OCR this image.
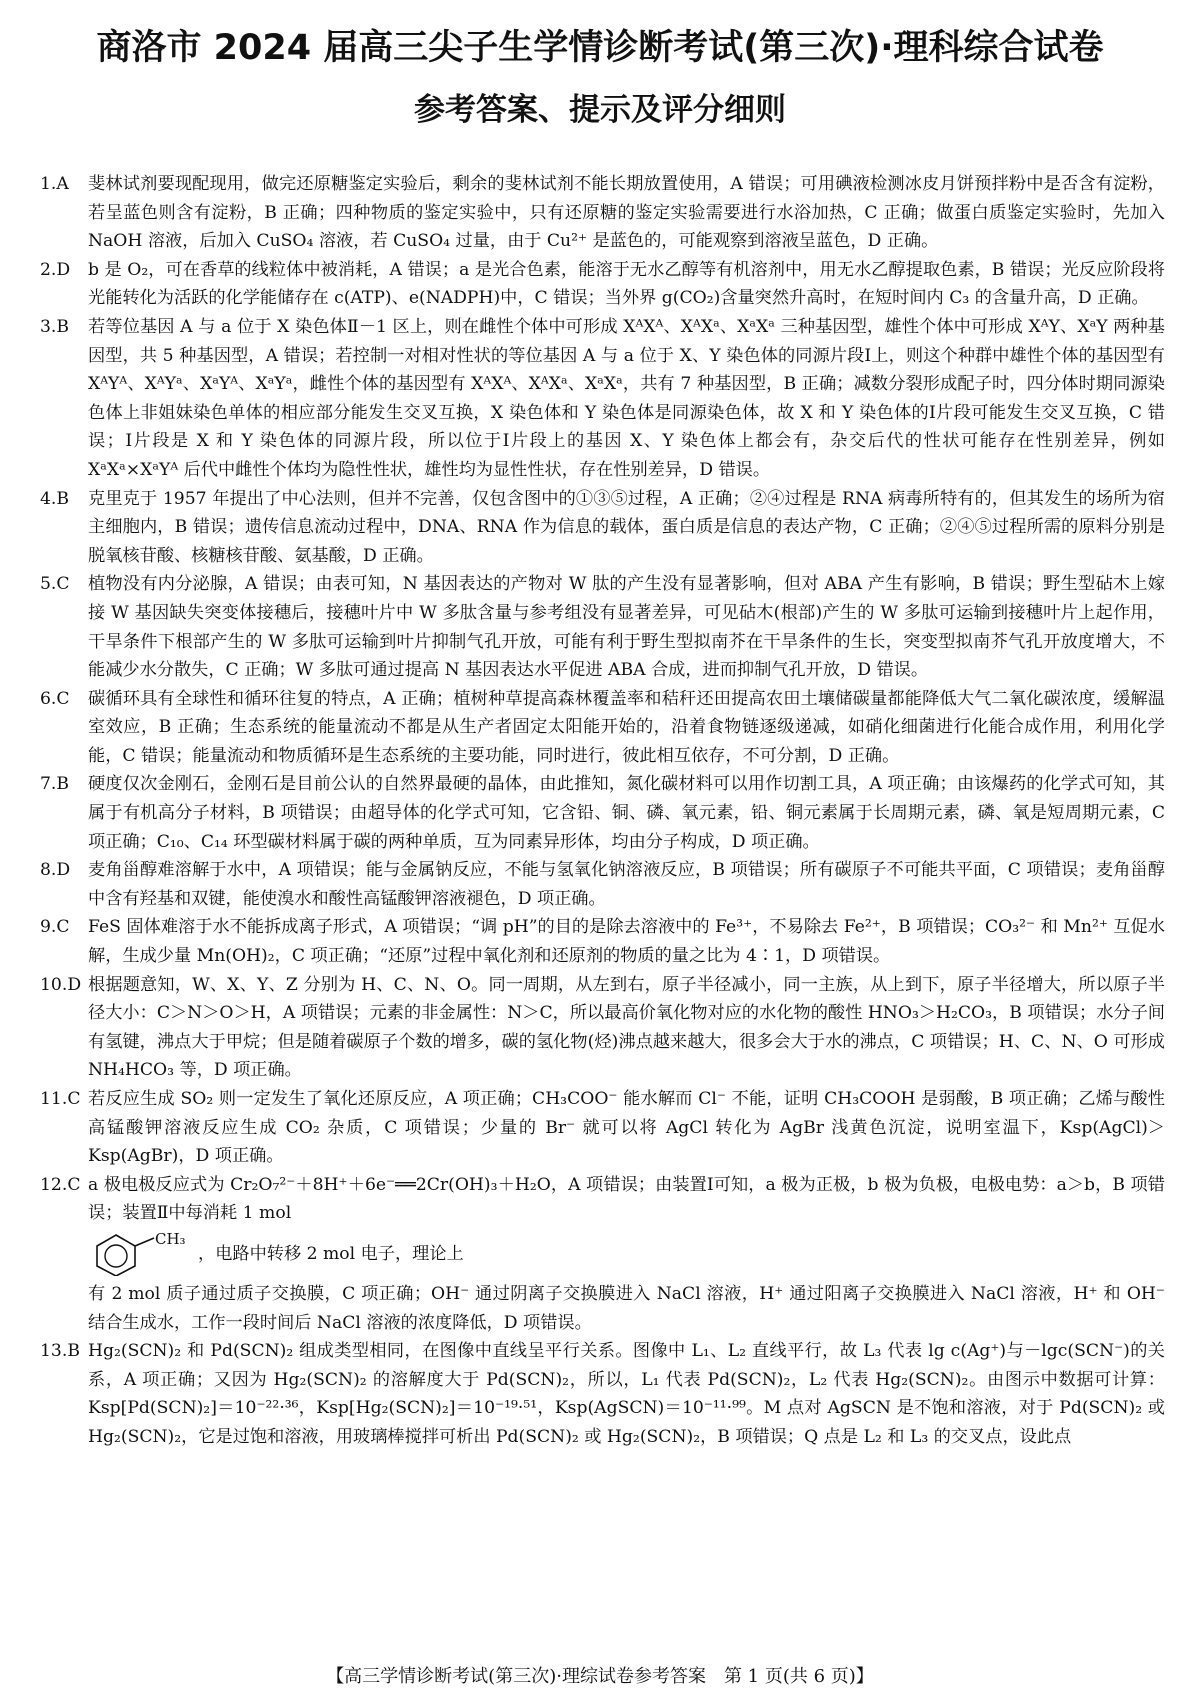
商洛市 2024 届高三尖子生学情诊断考试(第三次)·理科综合试卷
参考答案、提示及评分细则
1.A	斐林试剂要现配现用，做完还原糖鉴定实验后，剩余的斐林试剂不能长期放置使用，A 错误；可用碘液检测冰皮月饼预拌粉中是否含有淀粉，若呈蓝色则含有淀粉，B 正确；四种物质的鉴定实验中，只有还原糖的鉴定实验需要进行水浴加热，C 正确；做蛋白质鉴定实验时，先加入 NaOH 溶液，后加入 CuSO₄ 溶液，若 CuSO₄ 过量，由于 Cu²⁺ 是蓝色的，可能观察到溶液呈蓝色，D 正确。
2.D	b 是 O₂，可在香草的线粒体中被消耗，A 错误；a 是光合色素，能溶于无水乙醇等有机溶剂中，用无水乙醇提取色素，B 错误；光反应阶段将光能转化为活跃的化学能储存在 c(ATP)、e(NADPH)中，C 错误；当外界 g(CO₂)含量突然升高时，在短时间内 C₃ 的含量升高，D 正确。
3.B	若等位基因 A 与 a 位于 X 染色体Ⅱ－1 区上，则在雌性个体中可形成 XᴬXᴬ、XᴬXᵃ、XᵃXᵃ 三种基因型，雄性个体中可形成 XᴬY、XᵃY 两种基因型，共 5 种基因型，A 错误；若控制一对相对性状的等位基因 A 与 a 位于 X、Y 染色体的同源片段Ⅰ上，则这个种群中雄性个体的基因型有 XᴬYᴬ、XᴬYᵃ、XᵃYᴬ、XᵃYᵃ，雌性个体的基因型有 XᴬXᴬ、XᴬXᵃ、XᵃXᵃ，共有 7 种基因型，B 正确；减数分裂形成配子时，四分体时期同源染色体上非姐妹染色单体的相应部分能发生交叉互换，X 染色体和 Y 染色体是同源染色体，故 X 和 Y 染色体的Ⅰ片段可能发生交叉互换，C 错误；Ⅰ片段是 X 和 Y 染色体的同源片段，所以位于Ⅰ片段上的基因 X、Y 染色体上都会有，杂交后代的性状可能存在性别差异，例如 XᵃXᵃ×XᵃYᴬ 后代中雌性个体均为隐性性状，雄性均为显性性状，存在性别差异，D 错误。
4.B	克里克于 1957 年提出了中心法则，但并不完善，仅包含图中的①③⑤过程，A 正确；②④过程是 RNA 病毒所特有的，但其发生的场所为宿主细胞内，B 错误；遗传信息流动过程中，DNA、RNA 作为信息的载体，蛋白质是信息的表达产物，C 正确；②④⑤过程所需的原料分别是脱氧核苷酸、核糖核苷酸、氨基酸，D 正确。
5.C	植物没有内分泌腺，A 错误；由表可知，N 基因表达的产物对 W 肽的产生没有显著影响，但对 ABA 产生有影响，B 错误；野生型砧木上嫁接 W 基因缺失突变体接穗后，接穗叶片中 W 多肽含量与参考组没有显著差异，可见砧木(根部)产生的 W 多肽可运输到接穗叶片上起作用，干旱条件下根部产生的 W 多肽可运输到叶片抑制气孔开放，可能有利于野生型拟南芥在干旱条件的生长，突变型拟南芥气孔开放度增大，不能减少水分散失，C 正确；W 多肽可通过提高 N 基因表达水平促进 ABA 合成，进而抑制气孔开放，D 错误。
6.C	碳循环具有全球性和循环往复的特点，A 正确；植树种草提高森林覆盖率和秸秆还田提高农田土壤储碳量都能降低大气二氧化碳浓度，缓解温室效应，B 正确；生态系统的能量流动不都是从生产者固定太阳能开始的，沿着食物链逐级递减，如硝化细菌进行化能合成作用，利用化学能，C 错误；能量流动和物质循环是生态系统的主要功能，同时进行，彼此相互依存，不可分割，D 正确。
7.B	硬度仅次金刚石，金刚石是目前公认的自然界最硬的晶体，由此推知，氮化碳材料可以用作切割工具，A 项正确；由该爆药的化学式可知，其属于有机高分子材料，B 项错误；由超导体的化学式可知，它含铅、铜、磷、氧元素，铅、铜元素属于长周期元素，磷、氧是短周期元素，C 项正确；C₁₀、C₁₄ 环型碳材料属于碳的两种单质，互为同素异形体，均由分子构成，D 项正确。
8.D	麦角甾醇难溶解于水中，A 项错误；能与金属钠反应，不能与氢氧化钠溶液反应，B 项错误；所有碳原子不可能共平面，C 项错误；麦角甾醇中含有羟基和双键，能使溴水和酸性高锰酸钾溶液褪色，D 项正确。
9.C	FeS 固体难溶于水不能拆成离子形式，A 项错误；“调 pH”的目的是除去溶液中的 Fe³⁺，不易除去 Fe²⁺，B 项错误；CO₃²⁻ 和 Mn²⁺ 互促水解，生成少量 Mn(OH)₂，C 项正确；“还原”过程中氧化剂和还原剂的物质的量之比为 4∶1，D 项错误。
10.D 根据题意知，W、X、Y、Z 分别为 H、C、N、O。同一周期，从左到右，原子半径减小，同一主族，从上到下，原子半径增大，所以原子半径大小：C＞N＞O＞H，A 项错误；元素的非金属性：N＞C，所以最高价氧化物对应的水化物的酸性 HNO₃＞H₂CO₃，B 项错误；水分子间有氢键，沸点大于甲烷；但是随着碳原子个数的增多，碳的氢化物(烃)沸点越来越大，很多会大于水的沸点，C 项错误；H、C、N、O 可形成 NH₄HCO₃ 等，D 项正确。
11.C 若反应生成 SO₂ 则一定发生了氧化还原反应，A 项正确；CH₃COO⁻ 能水解而 Cl⁻ 不能，证明 CH₃COOH 是弱酸，B 项正确；乙烯与酸性高锰酸钾溶液反应生成 CO₂ 杂质，C 项错误；少量的 Br⁻ 就可以将 AgCl 转化为 AgBr 浅黄色沉淀，说明室温下，Ksp(AgCl)＞Ksp(AgBr)，D 项正确。
12.C a 极电极反应式为 Cr₂O₇²⁻＋8H⁺＋6e⁻══2Cr(OH)₃＋H₂O，A 项错误；由装置Ⅰ可知，a 极为正极，b 极为负极，电极电势：a＞b，B 项错误；装置Ⅱ中每消耗 1 mol
CH₃
，电路中转移 2 mol 电子，理论上
有 2 mol 质子通过质子交换膜，C 项正确；OH⁻ 通过阴离子交换膜进入 NaCl 溶液，H⁺ 通过阳离子交换膜进入 NaCl 溶液，H⁺ 和 OH⁻ 结合生成水，工作一段时间后 NaCl 溶液的浓度降低，D 项错误。
13.B Hg₂(SCN)₂ 和 Pd(SCN)₂ 组成类型相同，在图像中直线呈平行关系。图像中 L₁、L₂ 直线平行，故 L₃ 代表 lg c(Ag⁺)与－lgc(SCN⁻)的关系，A 项正确；又因为 Hg₂(SCN)₂ 的溶解度大于 Pd(SCN)₂，所以，L₁ 代表 Pd(SCN)₂，L₂ 代表 Hg₂(SCN)₂。由图示中数据可计算：Ksp[Pd(SCN)₂]＝10⁻²²·³⁶，Ksp[Hg₂(SCN)₂]＝10⁻¹⁹·⁵¹，Ksp(AgSCN)＝10⁻¹¹·⁹⁹。M 点对 AgSCN 是不饱和溶液，对于 Pd(SCN)₂ 或 Hg₂(SCN)₂，它是过饱和溶液，用玻璃棒搅拌可析出 Pd(SCN)₂ 或 Hg₂(SCN)₂，B 项错误；Q 点是 L₂ 和 L₃ 的交叉点，设此点
【高三学情诊断考试(第三次)·理综试卷参考答案　第 1 页(共 6 页)】
